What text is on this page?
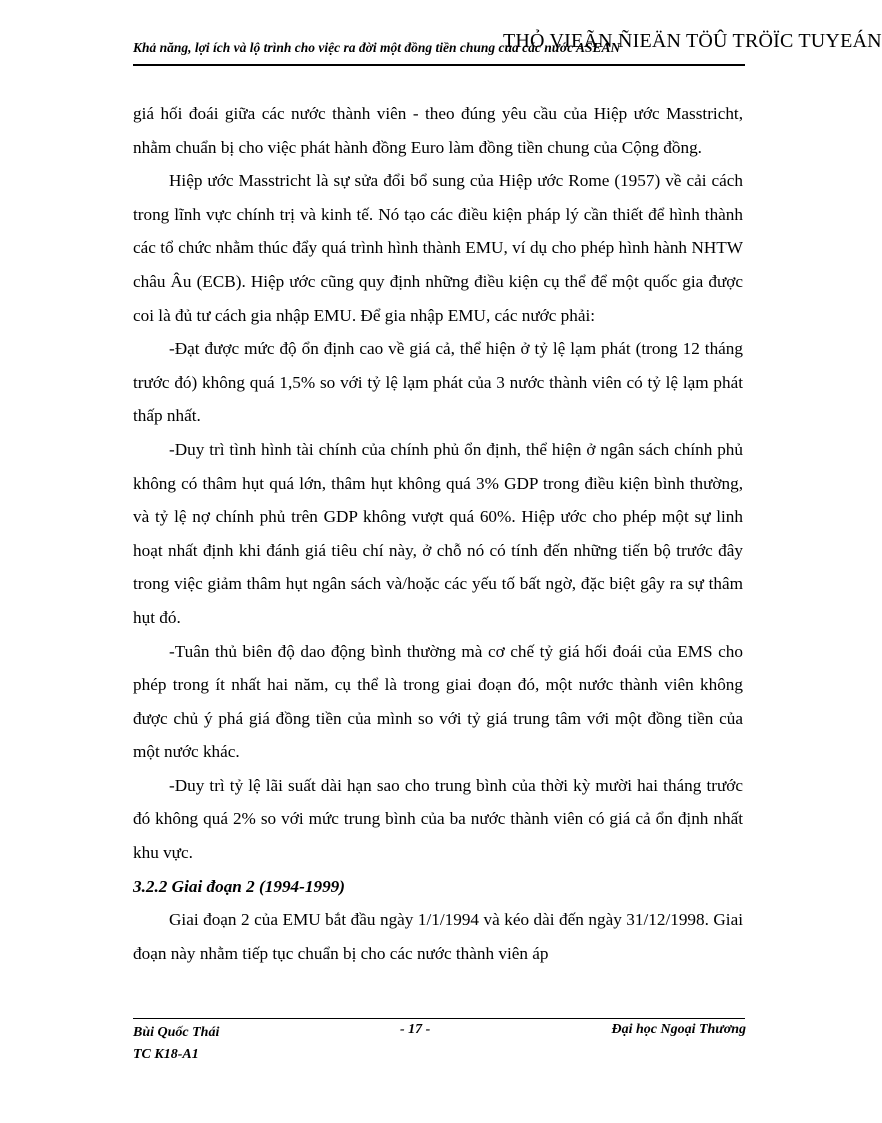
Khả năng, lợi ích và lộ trình cho việc ra đời một đồng tiền chung của các nước ASEAN
THỎ VIEÃN ÑIEÄN TÖÛ TRÖÏC TUYEÁN

giá hối đoái giữa các nước thành viên - theo đúng yêu cầu của Hiệp ước Masstricht, nhằm chuẩn bị cho việc phát hành đồng Euro làm đồng tiền chung của Cộng đồng.

Hiệp ước Masstricht là sự sửa đổi bổ sung của Hiệp ước Rome (1957) về cải cách trong lĩnh vực chính trị và kinh tế. Nó tạo các điều kiện pháp lý cần thiết để hình thành các tổ chức nhằm thúc đẩy quá trình hình thành EMU, ví dụ cho phép hình hành NHTW châu Âu (ECB). Hiệp ước cũng quy định những điều kiện cụ thể để một quốc gia được coi là đủ tư cách gia nhập EMU. Để gia nhập EMU, các nước phải:

-Đạt được mức độ ổn định cao về giá cả, thể hiện ở tỷ lệ lạm phát (trong 12 tháng trước đó) không quá 1,5% so với tỷ lệ lạm phát của 3 nước thành viên có tỷ lệ lạm phát thấp nhất.

-Duy trì tình hình tài chính của chính phủ ổn định, thể hiện ở ngân sách chính phủ không có thâm hụt quá lớn, thâm hụt không quá 3% GDP trong điều kiện bình thường, và tỷ lệ nợ chính phủ trên GDP không vượt quá 60%. Hiệp ước cho phép một sự linh hoạt nhất định khi đánh giá tiêu chí này, ở chỗ nó có tính đến những tiến bộ trước đây trong việc giảm thâm hụt ngân sách và/hoặc các yếu tố bất ngờ, đặc biệt gây ra sự thâm hụt đó.

-Tuân thủ biên độ dao động bình thường mà cơ chế tỷ giá hối đoái của EMS cho phép trong ít nhất hai năm, cụ thể là trong giai đoạn đó, một nước thành viên không được chủ ý phá giá đồng tiền của mình so với tỷ giá trung tâm với một đồng tiền của một nước khác.

-Duy trì tỷ lệ lãi suất dài hạn sao cho trung bình của thời kỳ mười hai tháng trước đó không quá 2% so với mức trung bình của ba nước thành viên có giá cả ổn định nhất khu vực.

3.2.2 Giai đoạn 2 (1994-1999)

Giai đoạn 2 của EMU bắt đầu ngày 1/1/1994 và kéo dài đến ngày 31/12/1998. Giai đoạn này nhằm tiếp tục chuẩn bị cho các nước thành viên áp

Bùi Quốc Thái
TC K18-A1
- 17 -	Đại học Ngoại Thương
